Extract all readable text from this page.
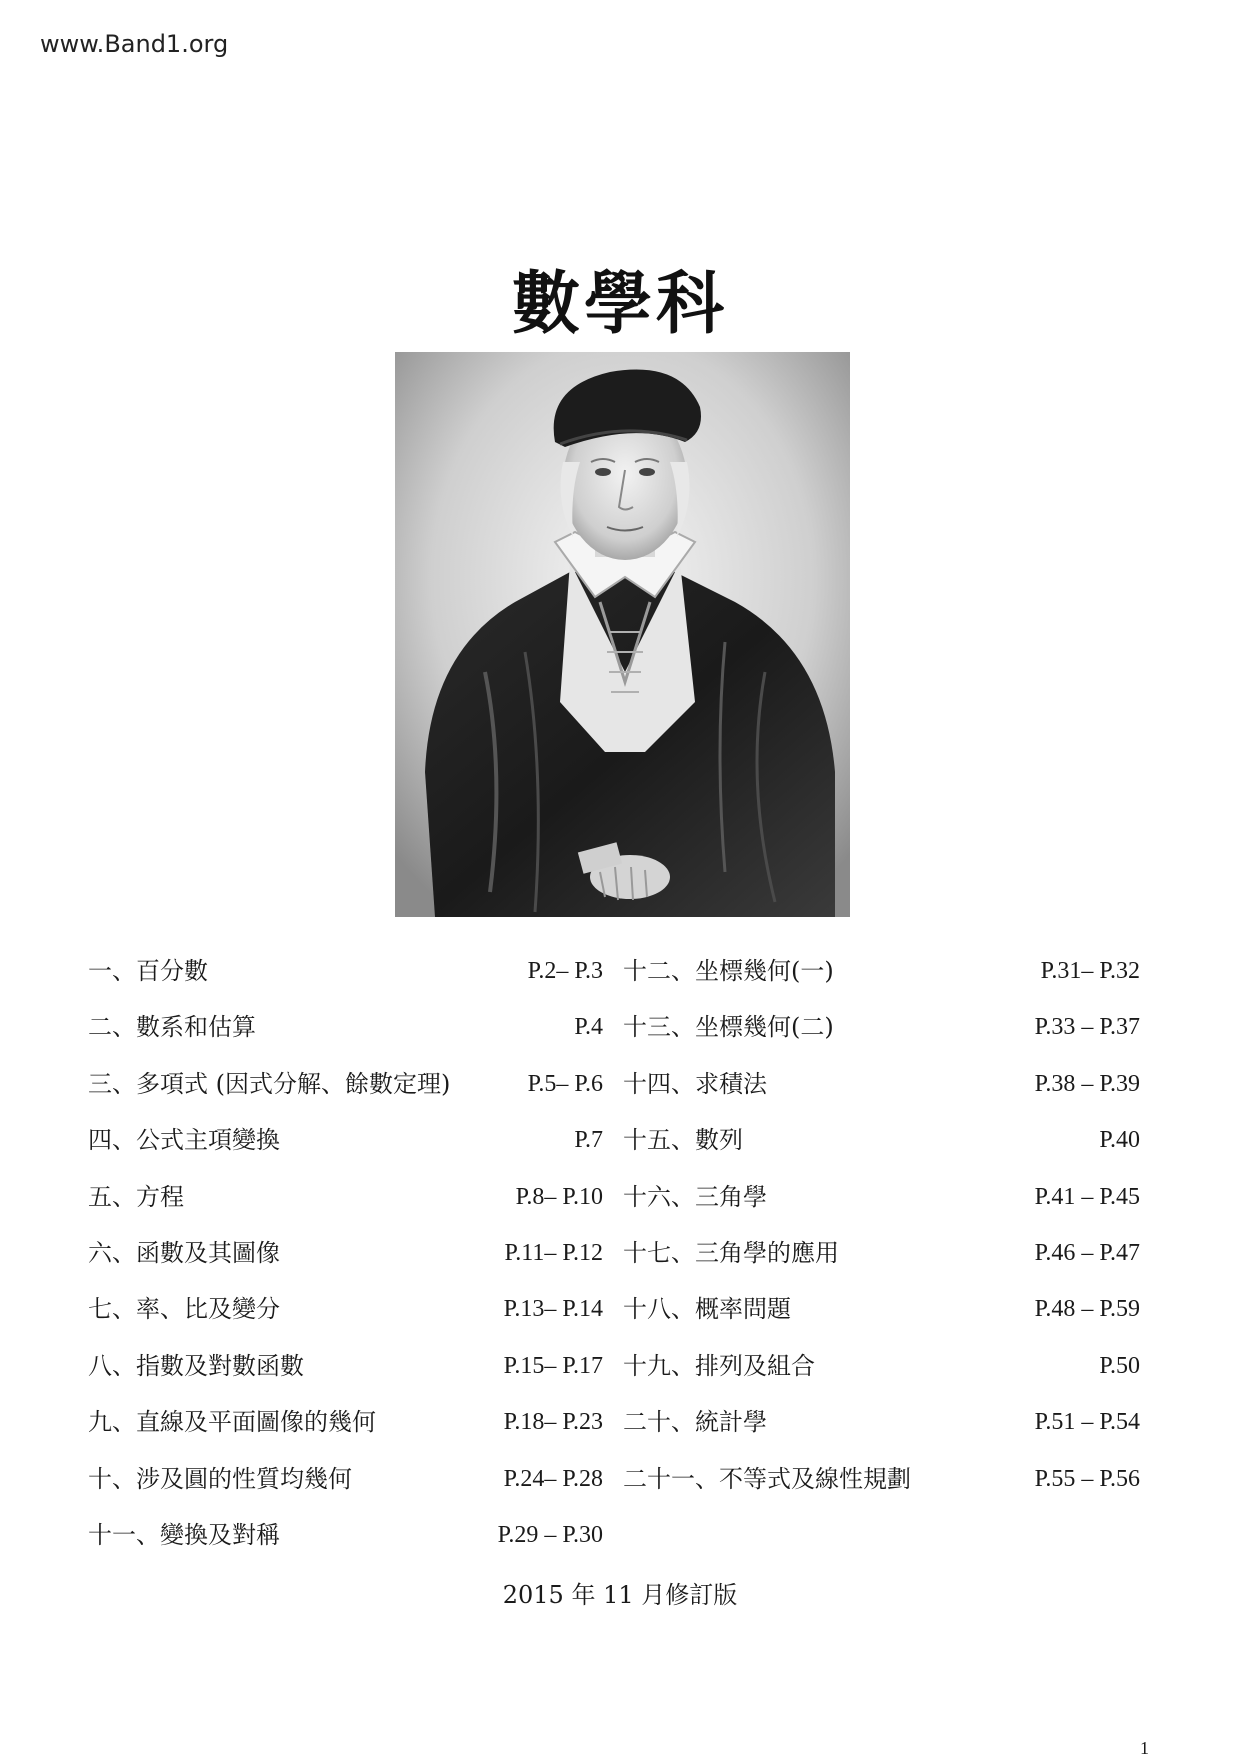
www.Band1.org
數學科
一、百分數	P.2– P.3
二、數系和估算	P.4
三、多項式 (因式分解、餘數定理)	P.5– P.6
四、公式主項變換	P.7
五、方程	P.8– P.10
六、函數及其圖像	P.11– P.12
七、率、比及變分	P.13– P.14
八、指數及對數函數	P.15– P.17
九、直線及平面圖像的幾何	P.18– P.23
十、涉及圓的性質均幾何	P.24– P.28
十一、變換及對稱	P.29 – P.30
十二、坐標幾何(一)	P.31– P.32
十三、坐標幾何(二)	P.33 – P.37
十四、求積法	P.38 – P.39
十五、數列	P.40
十六、三角學	P.41 – P.45
十七、三角學的應用	P.46 – P.47
十八、概率問題	P.48 – P.59
十九、排列及組合	P.50
二十、統計學	P.51 – P.54
二十一、不等式及線性規劃	P.55 – P.56
2015 年 11 月修訂版
1
